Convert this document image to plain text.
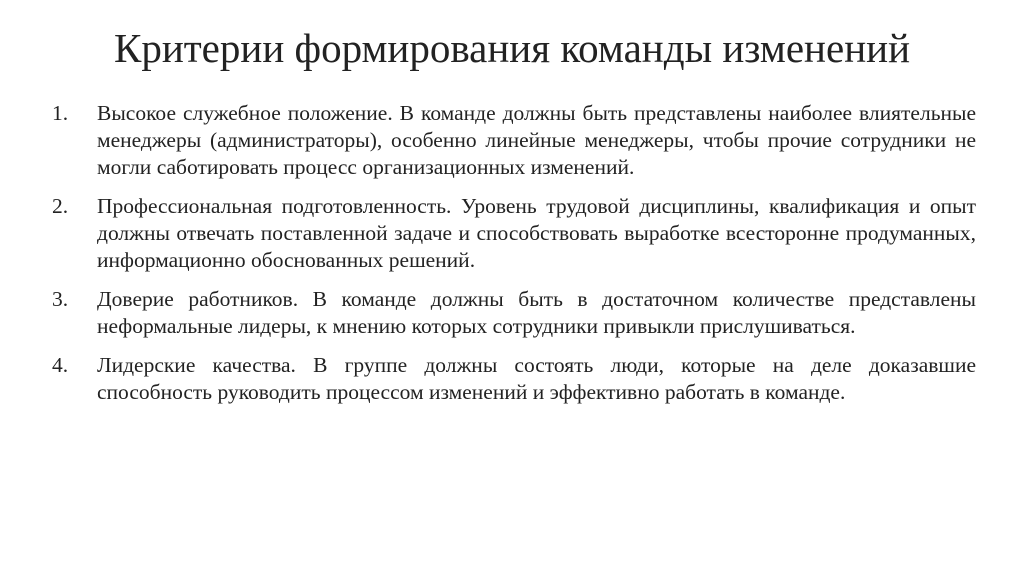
Критерии формирования команды изменений
1.	Высокое служебное положение. В команде должны быть представлены наиболее влиятельные менеджеры (администраторы), особенно линейные менеджеры, чтобы прочие сотрудники не могли саботировать процесс организационных изменений.
2.	Профессиональная подготовленность. Уровень трудовой дисциплины, квалификация и опыт должны отвечать поставленной задаче и способствовать выработке всесторонне продуманных, информационно обоснованных решений.
3.	Доверие работников. В команде должны быть в достаточном количестве представлены неформальные лидеры, к мнению которых сотрудники привыкли прислушиваться.
4.	Лидерские качества. В группе должны состоять люди, которые на деле доказавшие способность руководить процессом изменений и эффективно работать в команде.
